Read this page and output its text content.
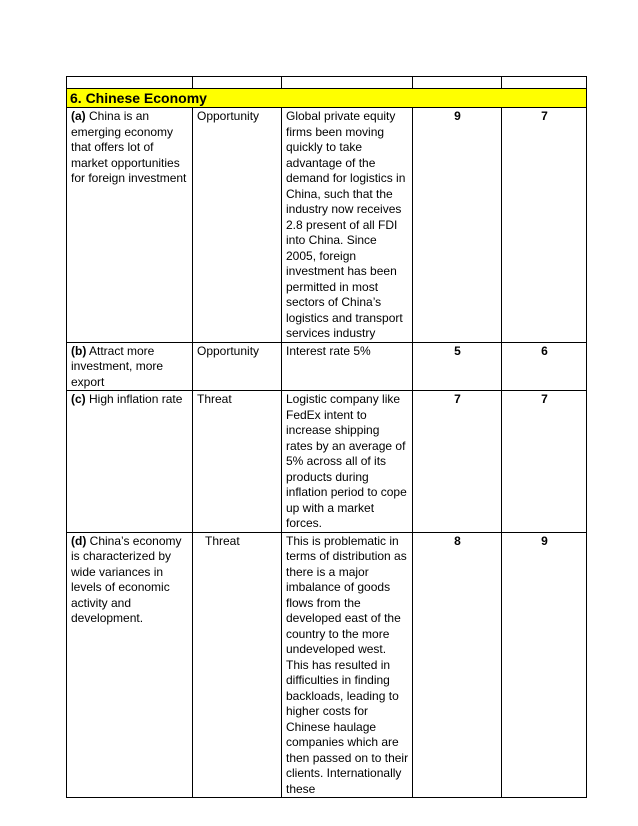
6. Chinese Economy				
(a) China is an emerging economy that offers lot of market opportunities for foreign investment	Opportunity	Global private equity firms been moving quickly to take advantage of the demand for logistics in China, such that the industry now receives 2.8 present of all FDI into China. Since 2005, foreign investment has been permitted in most sectors of China’s logistics and transport services industry	9	7
(b) Attract more investment, more export	Opportunity	Interest rate 5%	5	6
(c) High inflation rate	Threat	Logistic company like FedEx intent to increase shipping rates by an average of 5% across all of its products during inflation period to cope up with a market forces.	7	7
(d) China’s economy is characterized by wide variances in levels of economic activity and development.	Threat	This is problematic in terms of distribution as there is a major imbalance of goods flows from the developed east of the country to the more undeveloped west. This has resulted in difficulties in finding backloads, leading to higher costs for Chinese haulage companies which are then passed on to their clients. Internationally these	8	9
